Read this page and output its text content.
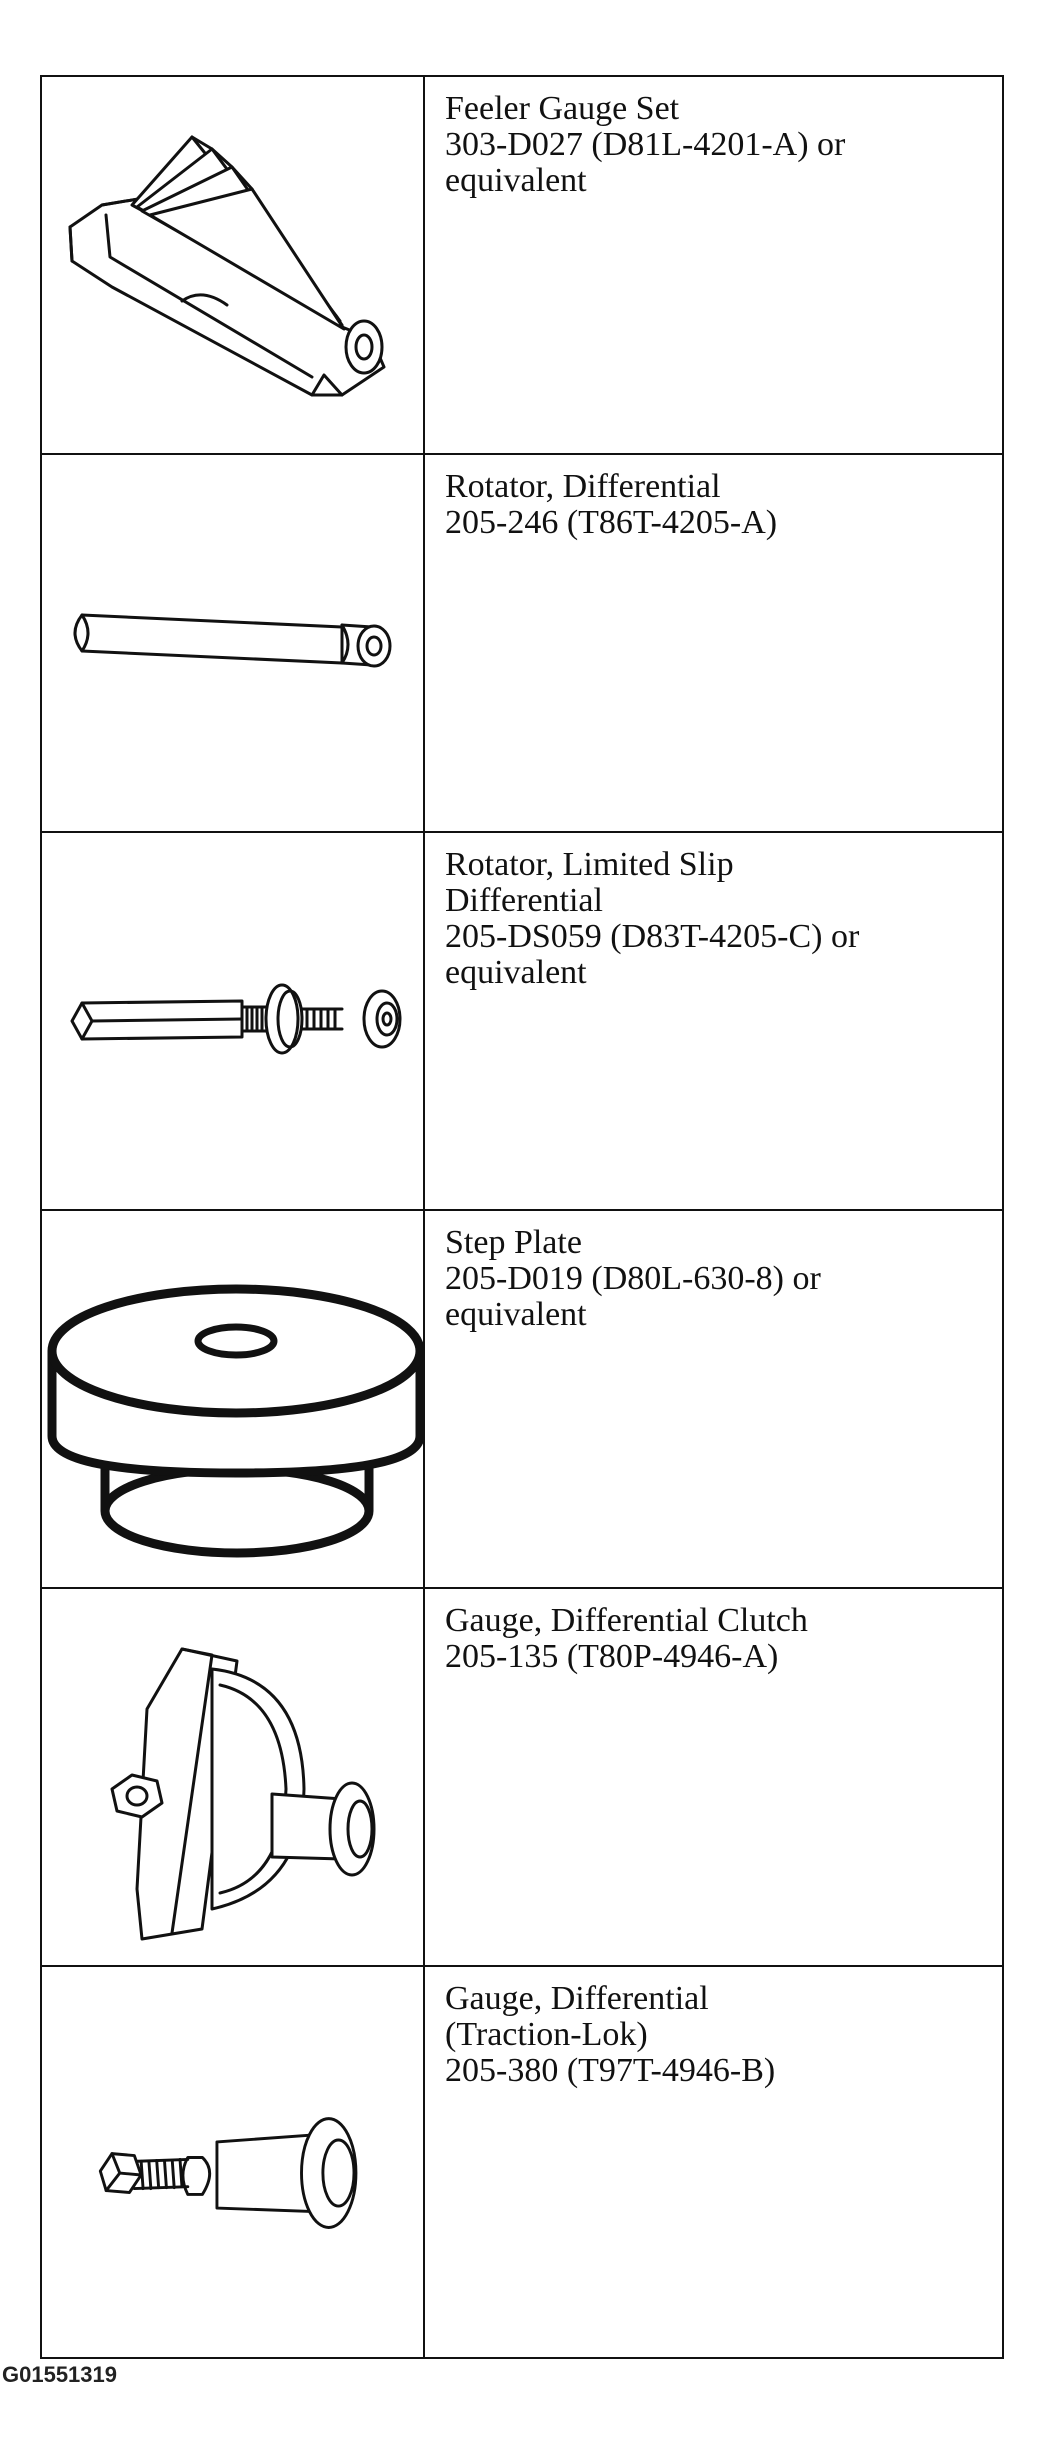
Feeler Gauge Set
303-D027 (D81L-4201-A) or
equivalent

Rotator, Differential
205-246 (T86T-4205-A)

Rotator, Limited Slip
Differential
205-DS059 (D83T-4205-C) or
equivalent

Step Plate
205-D019 (D80L-630-8) or
equivalent

Gauge, Differential Clutch
205-135 (T80P-4946-A)

Gauge, Differential
(Traction-Lok)
205-380 (T97T-4946-B)
G01551319
